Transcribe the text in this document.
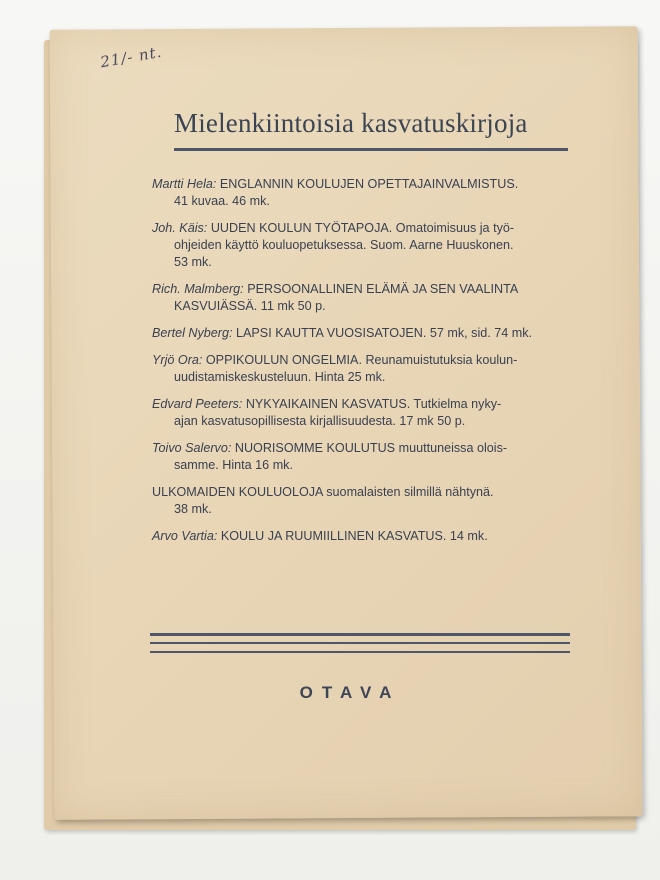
21/- nt.
Mielenkiintoisia kasvatuskirjoja
Martti Hela: ENGLANNIN KOULUJEN OPETTAJAINVALMISTUS.
41 kuvaa. 46 mk.
Joh. Käis: UUDEN KOULUN TYÖTAPOJA. Omatoimisuus ja työ-
ohjeiden käyttö kouluopetuksessa. Suom. Aarne Huuskonen.
53 mk.
Rich. Malmberg: PERSOONALLINEN ELÄMÄ JA SEN VAALINTA
KASVUIÄSSÄ. 11 mk 50 p.
Bertel Nyberg: LAPSI KAUTTA VUOSISATOJEN. 57 mk, sid. 74 mk.
Yrjö Ora: OPPIKOULUN ONGELMIA. Reunamuistutuksia koulun-
uudistamiskeskusteluun. Hinta 25 mk.
Edvard Peeters: NYKYAIKAINEN KASVATUS. Tutkielma nyky-
ajan kasvatusopillisesta kirjallisuudesta. 17 mk 50 p.
Toivo Salervo: NUORISOMME KOULUTUS muuttuneissa olois-
samme. Hinta 16 mk.
ULKOMAIDEN KOULUOLOJA suomalaisten silmillä nähtynä.
38 mk.
Arvo Vartia: KOULU JA RUUMIILLINEN KASVATUS. 14 mk.
OTAVA
